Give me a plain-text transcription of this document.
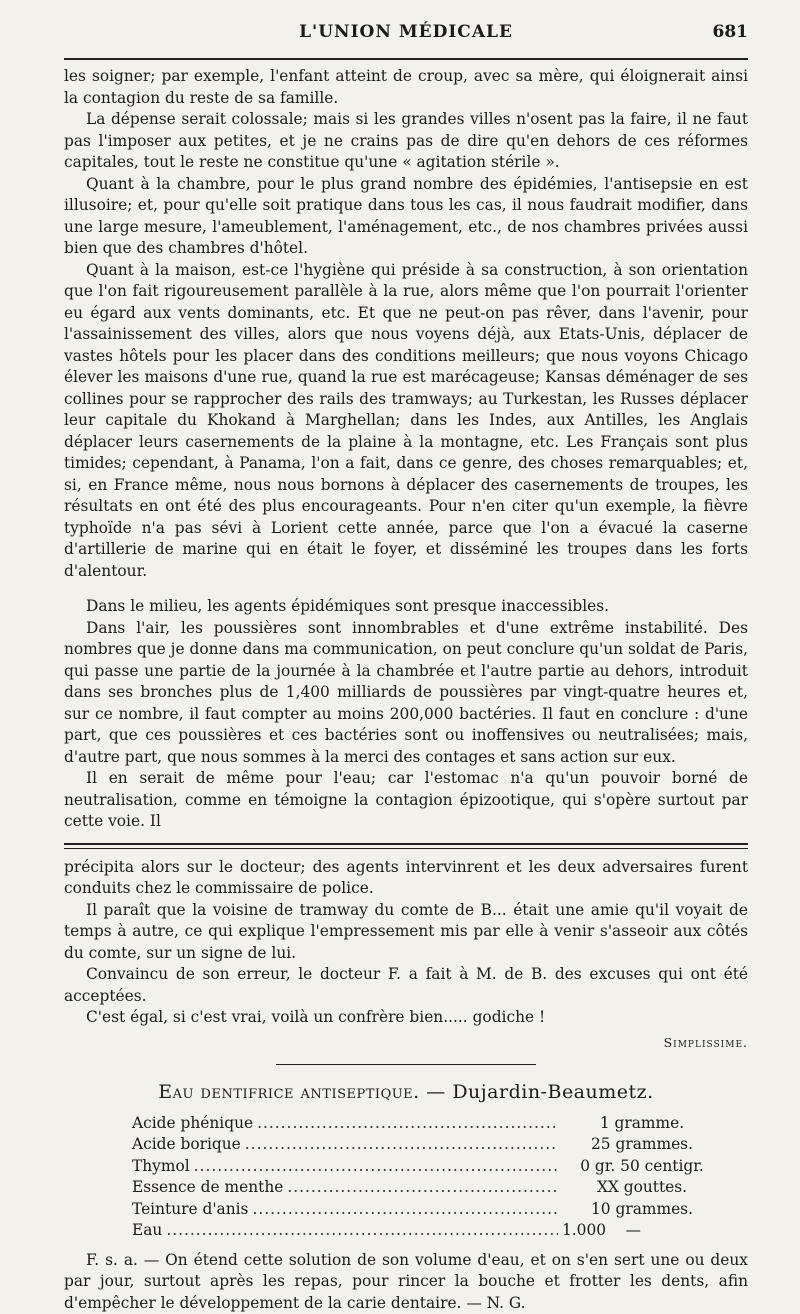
L'UNION MÉDICALE	681

les soigner; par exemple, l'enfant atteint de croup, avec sa mère, qui éloignerait ainsi la contagion du reste de sa famille.

La dépense serait colossale; mais si les grandes villes n'osent pas la faire, il ne faut pas l'imposer aux petites, et je ne crains pas de dire qu'en dehors de ces réformes capitales, tout le reste ne constitue qu'une « agitation stérile ».

Quant à la chambre, pour le plus grand nombre des épidémies, l'antisepsie en est illusoire; et, pour qu'elle soit pratique dans tous les cas, il nous faudrait modifier, dans une large mesure, l'ameublement, l'aménagement, etc., de nos chambres privées aussi bien que des chambres d'hôtel.

Quant à la maison, est-ce l'hygiène qui préside à sa construction, à son orientation que l'on fait rigoureusement parallèle à la rue, alors même que l'on pourrait l'orienter eu égard aux vents dominants, etc. Et que ne peut-on pas rêver, dans l'avenir, pour l'assainissement des villes, alors que nous voyens déjà, aux Etats-Unis, déplacer de vastes hôtels pour les placer dans des conditions meilleurs; que nous voyons Chicago élever les maisons d'une rue, quand la rue est marécageuse; Kansas déménager de ses collines pour se rapprocher des rails des tramways; au Turkestan, les Russes déplacer leur capitale du Khokand à Marghellan; dans les Indes, aux Antilles, les Anglais déplacer leurs casernements de la plaine à la montagne, etc. Les Français sont plus timides; cependant, à Panama, l'on a fait, dans ce genre, des choses remarquables; et, si, en France même, nous nous bornons à déplacer des casernements de troupes, les résultats en ont été des plus encourageants. Pour n'en citer qu'un exemple, la fièvre typhoïde n'a pas sévi à Lorient cette année, parce que l'on a évacué la caserne d'artillerie de marine qui en était le foyer, et disséminé les troupes dans les forts d'alentour.

Dans le milieu, les agents épidémiques sont presque inaccessibles.

Dans l'air, les poussières sont innombrables et d'une extrême instabilité. Des nombres que je donne dans ma communication, on peut conclure qu'un soldat de Paris, qui passe une partie de la journée à la chambrée et l'autre partie au dehors, introduit dans ses bronches plus de 1,400 milliards de poussières par vingt-quatre heures et, sur ce nombre, il faut compter au moins 200,000 bactéries. Il faut en conclure : d'une part, que ces poussières et ces bactéries sont ou inoffensives ou neutralisées; mais, d'autre part, que nous sommes à la merci des contages et sans action sur eux.

Il en serait de même pour l'eau; car l'estomac n'a qu'un pouvoir borné de neutralisation, comme en témoigne la contagion épizootique, qui s'opère surtout par cette voie. Il

précipita alors sur le docteur; des agents intervinrent et les deux adversaires furent conduits chez le commissaire de police.

Il paraît que la voisine de tramway du comte de B... était une amie qu'il voyait de temps à autre, ce qui explique l'empressement mis par elle à venir s'asseoir aux côtés du comte, sur un signe de lui.

Convaincu de son erreur, le docteur F. a fait à M. de B. des excuses qui ont été acceptées.

C'est égal, si c'est vrai, voilà un confrère bien..... godiche !

Simplissime.
Eau dentifrice antiseptique. — Dujardin-Beaumetz.
Acide phénique .....	1 gramme.
Acide borique .....	25 grammes.
Thymol .....	0 gr. 50 centigr.
Essence de menthe .....	XX gouttes.
Teinture d'anis .....	10 grammes.
Eau .....	1.000    —

F. s. a. — On étend cette solution de son volume d'eau, et on s'en sert une ou deux par jour, surtout après les repas, pour rincer la bouche et frotter les dents, afin d'empêcher le développement de la carie dentaire. — N. G.
